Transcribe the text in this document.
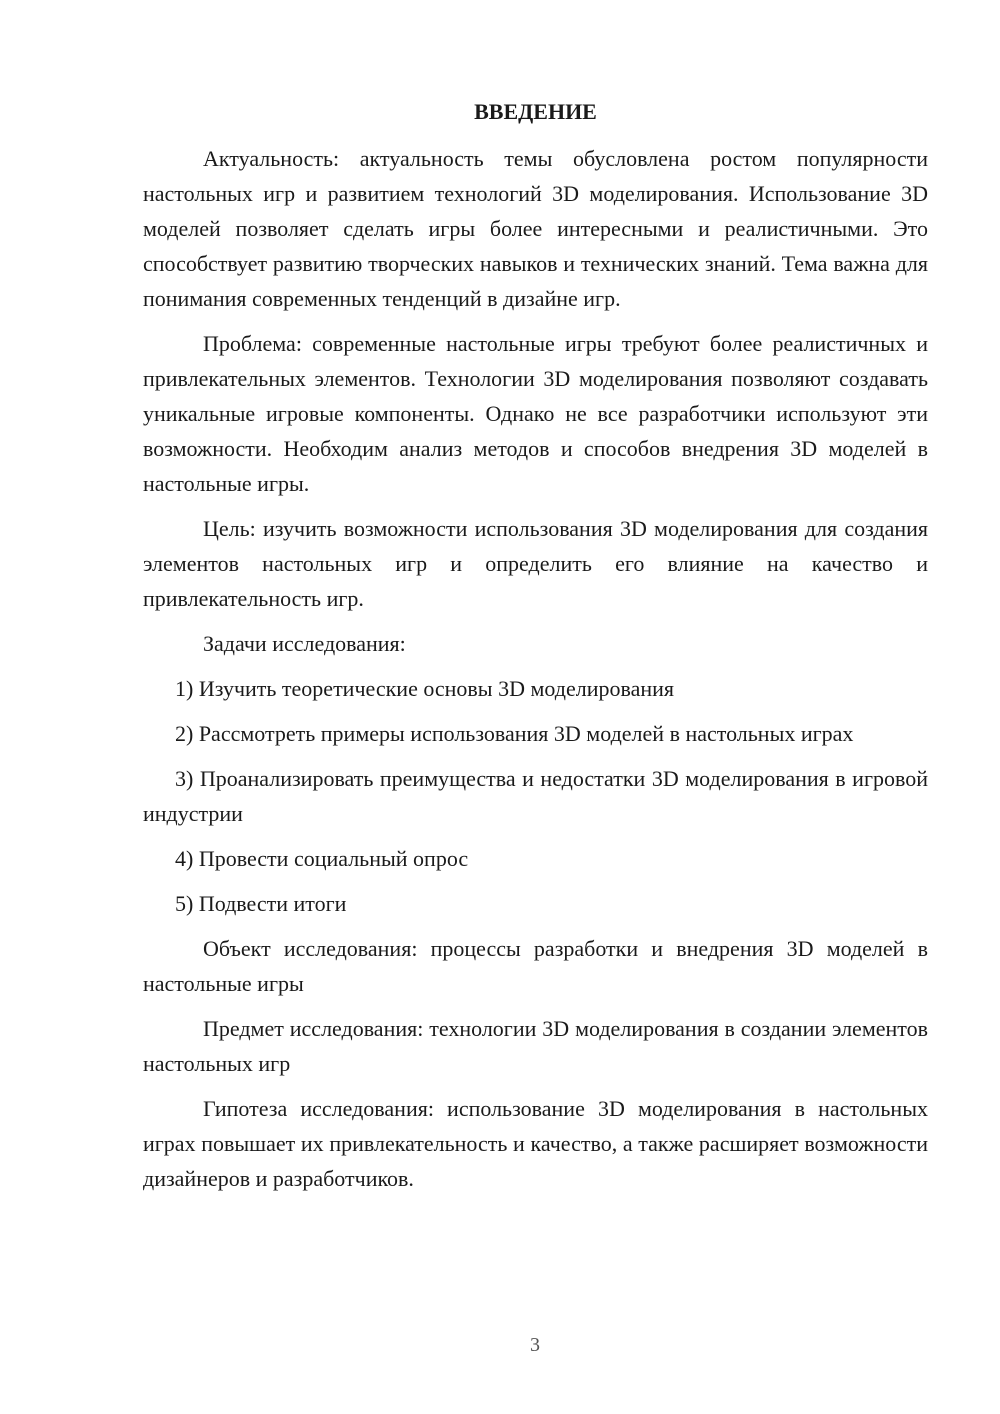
ВВЕДЕНИЕ

Актуальность: актуальность темы обусловлена ростом популярности настольных игр и развитием технологий 3D моделирования. Использование 3D моделей позволяет сделать игры более интересными и реалистичными. Это способствует развитию творческих навыков и технических знаний. Тема важна для понимания современных тенденций в дизайне игр.

Проблема: современные настольные игры требуют более реалистичных и привлекательных элементов. Технологии 3D моделирования позволяют создавать уникальные игровые компоненты. Однако не все разработчики используют эти возможности. Необходим анализ методов и способов внедрения 3D моделей в настольные игры.

Цель: изучить возможности использования 3D моделирования для создания элементов настольных игр и определить его влияние на качество и привлекательность игр.

Задачи исследования:

1) Изучить теоретические основы 3D моделирования

2) Рассмотреть примеры использования 3D моделей в настольных играх

3) Проанализировать преимущества и недостатки 3D моделирования в игровой индустрии

4) Провести социальный опрос

5) Подвести итоги

Объект исследования: процессы разработки и внедрения 3D моделей в настольные игры

Предмет исследования: технологии 3D моделирования в создании элементов настольных игр

Гипотеза исследования: использование 3D моделирования в настольных играх повышает их привлекательность и качество, а также расширяет возможности дизайнеров и разработчиков.

3
